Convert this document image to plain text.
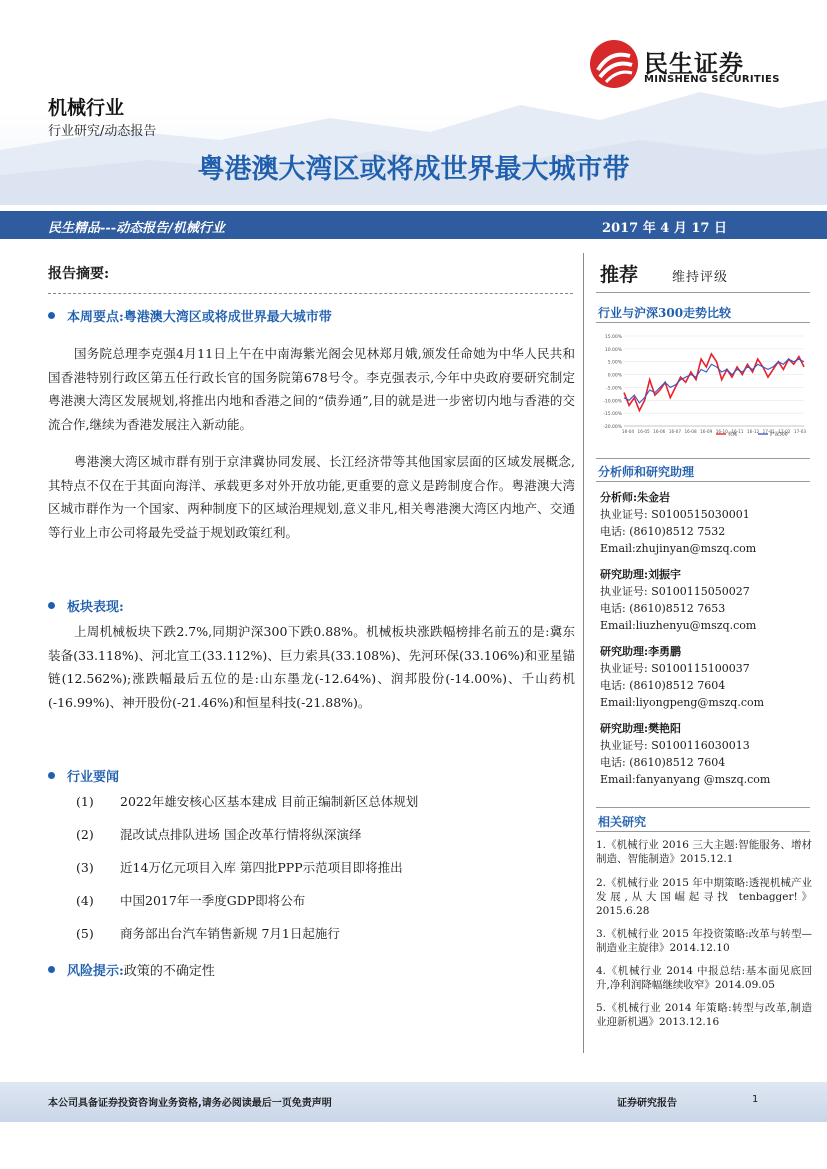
民生证券
MINSHENG SECURITIES
机械行业
行业研究/动态报告
粤港澳大湾区或将成世界最大城市带
民生精品---动态报告/机械行业	2017 年 4 月 17 日
报告摘要:
本周要点:粤港澳大湾区或将成世界最大城市带
国务院总理李克强4月11日上午在中南海紫光阁会见林郑月娥,颁发任命她为中华人民共和国香港特别行政区第五任行政长官的国务院第678号令。李克强表示,今年中央政府要研究制定粤港澳大湾区发展规划,将推出内地和香港之间的“债券通”,目的就是进一步密切内地与香港的交流合作,继续为香港发展注入新动能。
粤港澳大湾区城市群有别于京津冀协同发展、长江经济带等其他国家层面的区域发展概念,其特点不仅在于其面向海洋、承载更多对外开放功能,更重要的意义是跨制度合作。粤港澳大湾区城市群作为一个国家、两种制度下的区域治理规划,意义非凡,相关粤港澳大湾区内地产、交通等行业上市公司将最先受益于规划政策红利。
板块表现:
上周机械板块下跌2.7%,同期沪深300下跌0.88%。机械板块涨跌幅榜排名前五的是:冀东装备(33.118%)、河北宣工(33.112%)、巨力索具(33.108%)、先河环保(33.106%)和亚星锚链(12.562%);涨跌幅最后五位的是:山东墨龙(-12.64%)、润邦股份(-14.00%)、千山药机(-16.99%)、神开股份(-21.46%)和恒星科技(-21.88%)。
行业要闻
(1) 2022年雄安核心区基本建成 目前正编制新区总体规划
(2) 混改试点排队进场 国企改革行情将纵深演绎
(3) 近14万亿元项目入库 第四批PPP示范项目即将推出
(4) 中国2017年一季度GDP即将公布
(5) 商务部出台汽车销售新规 7月1日起施行
风险提示:政策的不确定性
推荐	维持评级
行业与沪深300走势比较
15.00%
10.00%
5.00%
0.00%
-5.00%
-10.00%
-15.00%
-20.00%
16-04 16-05 16-06 16-07 16-08 16-09 16-10 16-11 16-12 17-01 17-02 17-03
机械	沪深300
分析师和研究助理
分析师:朱金岩
执业证号: S0100515030001
电话: (8610)8512 7532
Email:zhujinyan@mszq.com
研究助理:刘振宇
执业证号: S0100115050027
电话: (8610)8512 7653
Email:liuzhenyu@mszq.com
研究助理:李勇鹏
执业证号: S0100115100037
电话: (8610)8512 7604
Email:liyongpeng@mszq.com
研究助理:樊艳阳
执业证号: S0100116030013
电话: (8610)8512 7604
Email:fanyanyang @mszq.com
相关研究
1.《机械行业 2016 三大主题:智能服务、增材制造、智能制造》2015.12.1
2.《机械行业 2015 年中期策略:透视机械产业发展,从大国崛起寻找 tenbagger!》2015.6.28
3.《机械行业 2015 年投资策略:改革与转型—制造业主旋律》2014.12.10
4.《机械行业 2014 中报总结:基本面见底回升,净利润降幅继续收窄》2014.09.05
5.《机械行业 2014 年策略:转型与改革,制造业迎新机遇》2013.12.16
本公司具备证券投资咨询业务资格,请务必阅读最后一页免责声明	证券研究报告	1
